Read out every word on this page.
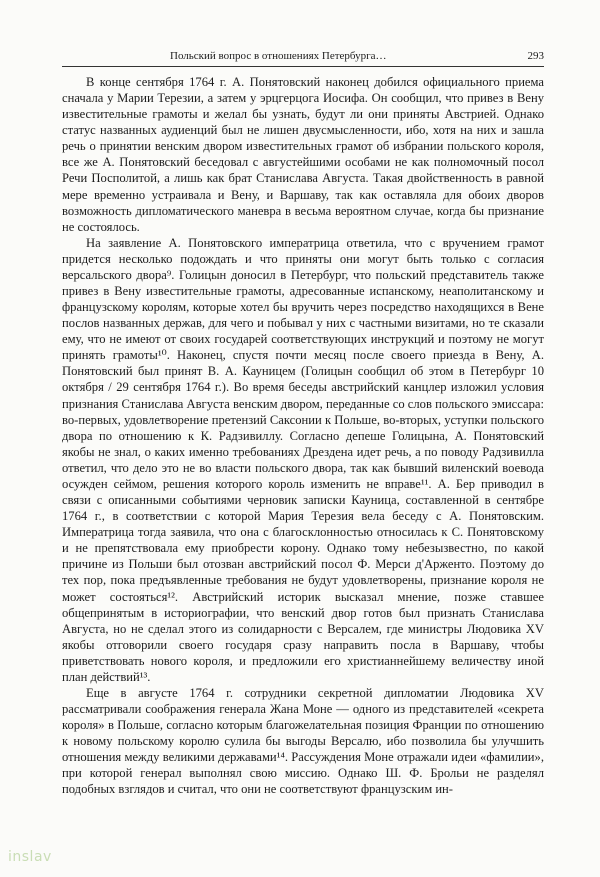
Польский вопрос в отношениях Петербурга…	293

В конце сентября 1764 г. А. Понятовский наконец добился официального приема сначала у Марии Терезии, а затем у эрцгерцога Иосифа. Он сообщил, что привез в Вену известительные грамоты и желал бы узнать, будут ли они приняты Австрией. Однако статус названных аудиенций был не лишен двусмысленности, ибо, хотя на них и зашла речь о принятии венским двором известительных грамот об избрании польского короля, все же А. Понятовский беседовал с августейшими особами не как полномочный посол Речи Посполитой, а лишь как брат Станислава Августа. Такая двойственность в равной мере временно устраивала и Вену, и Варшаву, так как оставляла для обоих дворов возможность дипломатического маневра в весьма вероятном случае, когда бы признание не состоялось.

На заявление А. Понятовского императрица ответила, что с вручением грамот придется несколько подождать и что приняты они могут быть только с согласия версальского двора⁹. Голицын доносил в Петербург, что польский представитель также привез в Вену известительные грамоты, адресованные испанскому, неаполитанскому и французскому королям, которые хотел бы вручить через посредство находящихся в Вене послов названных держав, для чего и побывал у них с частными визитами, но те сказали ему, что не имеют от своих государей соответствующих инструкций и поэтому не могут принять грамоты¹⁰. Наконец, спустя почти месяц после своего приезда в Вену, А. Понятовский был принят В. А. Кауницем (Голицын сообщил об этом в Петербург 10 октября / 29 сентября 1764 г.). Во время беседы австрийский канцлер изложил условия признания Станислава Августа венским двором, переданные со слов польского эмиссара: во-первых, удовлетворение претензий Саксонии к Польше, во-вторых, уступки польского двора по отношению к К. Радзивиллу. Согласно депеше Голицына, А. Понятовский якобы не знал, о каких именно требованиях Дрездена идет речь, а по поводу Радзивилла ответил, что дело это не во власти польского двора, так как бывший виленский воевода осужден сеймом, решения которого король изменить не вправе¹¹. А. Бер приводил в связи с описанными событиями черновик записки Кауница, составленной в сентябре 1764 г., в соответствии с которой Мария Терезия вела беседу с А. Понятовским. Императрица тогда заявила, что она с благосклонностью относилась к С. Понятовскому и не препятствовала ему приобрести корону. Однако тому небезызвестно, по какой причине из Польши был отозван австрийский посол Ф. Мерси д'Арженто. Поэтому до тех пор, пока предъявленные требования не будут удовлетворены, признание короля не может состояться¹². Австрийский историк высказал мнение, позже ставшее общепринятым в историографии, что венский двор готов был признать Станислава Августа, но не сделал этого из солидарности с Версалем, где министры Людовика XV якобы отговорили своего государя сразу направить посла в Варшаву, чтобы приветствовать нового короля, и предложили его христианнейшему величеству иной план действий¹³.

Еще в августе 1764 г. сотрудники секретной дипломатии Людовика XV рассматривали соображения генерала Жана Моне — одного из представителей «секрета короля» в Польше, согласно которым благожелательная позиция Франции по отношению к новому польскому королю сулила бы выгоды Версалю, ибо позволила бы улучшить отношения между великими державами¹⁴. Рассуждения Моне отражали идеи «фамилии», при которой генерал выполнял свою миссию. Однако Ш. Ф. Брольи не разделял подобных взглядов и считал, что они не соответствуют французским ин-

inslav
